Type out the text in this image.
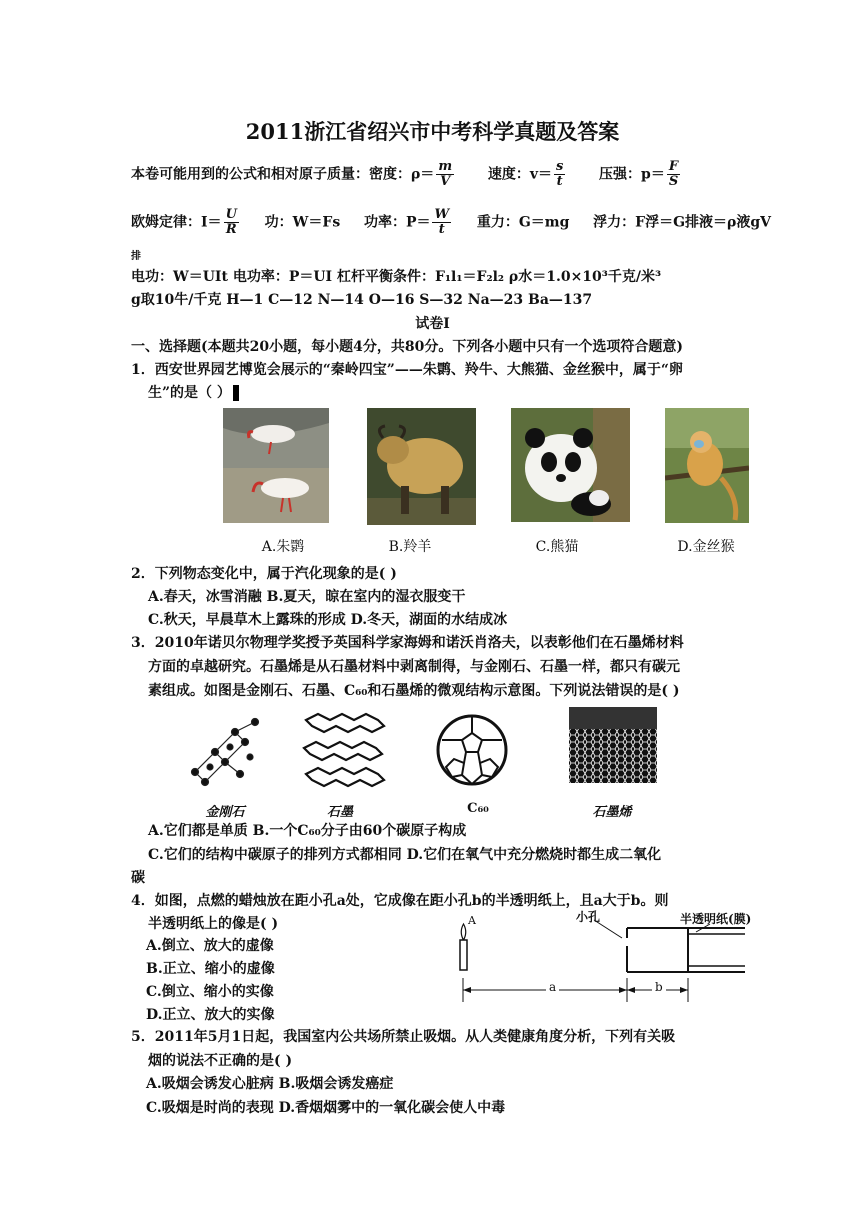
2011浙江省绍兴市中考科学真题及答案
本卷可能用到的公式和相对原子质量：密度：$\rho= \frac{m}{V}$ 速度：$v= \frac{s}{t}$ 压强：$p= \frac{F}{S}$
欧姆定律：$I= \frac{U}{R}$ 功：W＝Fs 功率：$P= \frac{W}{t}$ 重力：G＝mg 浮力：F浮＝G排液＝ρ液gV
排
电功：W＝UIt 电功率：P＝UI 杠杆平衡条件：F₁l₁＝F₂l₂ ρ水＝1.0×10³千克/米³
g取10牛/千克 H—1 C—12 N—14 O—16 S—32 Na—23 Ba—137
试卷Ⅰ
一、选择题(本题共20小题，每小题4分，共80分。下列各小题中只有一个选项符合题意)
1．西安世界园艺博览会展示的“秦岭四宝”——朱鹮、羚牛、大熊猫、金丝猴中，属于“卵
生”的是（ ）
A.朱鹮	B.羚羊	C.熊猫	D.金丝猴
2．下列物态变化中，属于汽化现象的是( )
A.春天，冰雪消融 B.夏天，晾在室内的湿衣服变干
C.秋天，早晨草木上露珠的形成 D.冬天，湖面的水结成冰
3．2010年诺贝尔物理学奖授予英国科学家海姆和诺沃肖洛夫，以表彰他们在石墨烯材料
方面的卓越研究。石墨烯是从石墨材料中剥离制得，与金刚石、石墨一样，都只有碳元
素组成。如图是金刚石、石墨、C₆₀和石墨烯的微观结构示意图。下列说法错误的是( )
金刚石	石墨	C₆₀	石墨烯
A.它们都是单质 B.一个C₆₀分子由60个碳原子构成
C.它们的结构中碳原子的排列方式都相同 D.它们在氧气中充分燃烧时都生成二氧化
碳
4．如图，点燃的蜡烛放在距小孔a处，它成像在距小孔b的半透明纸上，且a大于b。则
半透明纸上的像是( )
A.倒立、放大的虚像
B.正立、缩小的虚像
C.倒立、缩小的实像
D.正立、放大的实像
A	小孔	半透明纸(膜)
a	b
5．2011年5月1日起，我国室内公共场所禁止吸烟。从人类健康角度分析，下列有关吸
烟的说法不正确的是( )
A.吸烟会诱发心脏病 B.吸烟会诱发癌症
C.吸烟是时尚的表现 D.香烟烟雾中的一氧化碳会使人中毒
